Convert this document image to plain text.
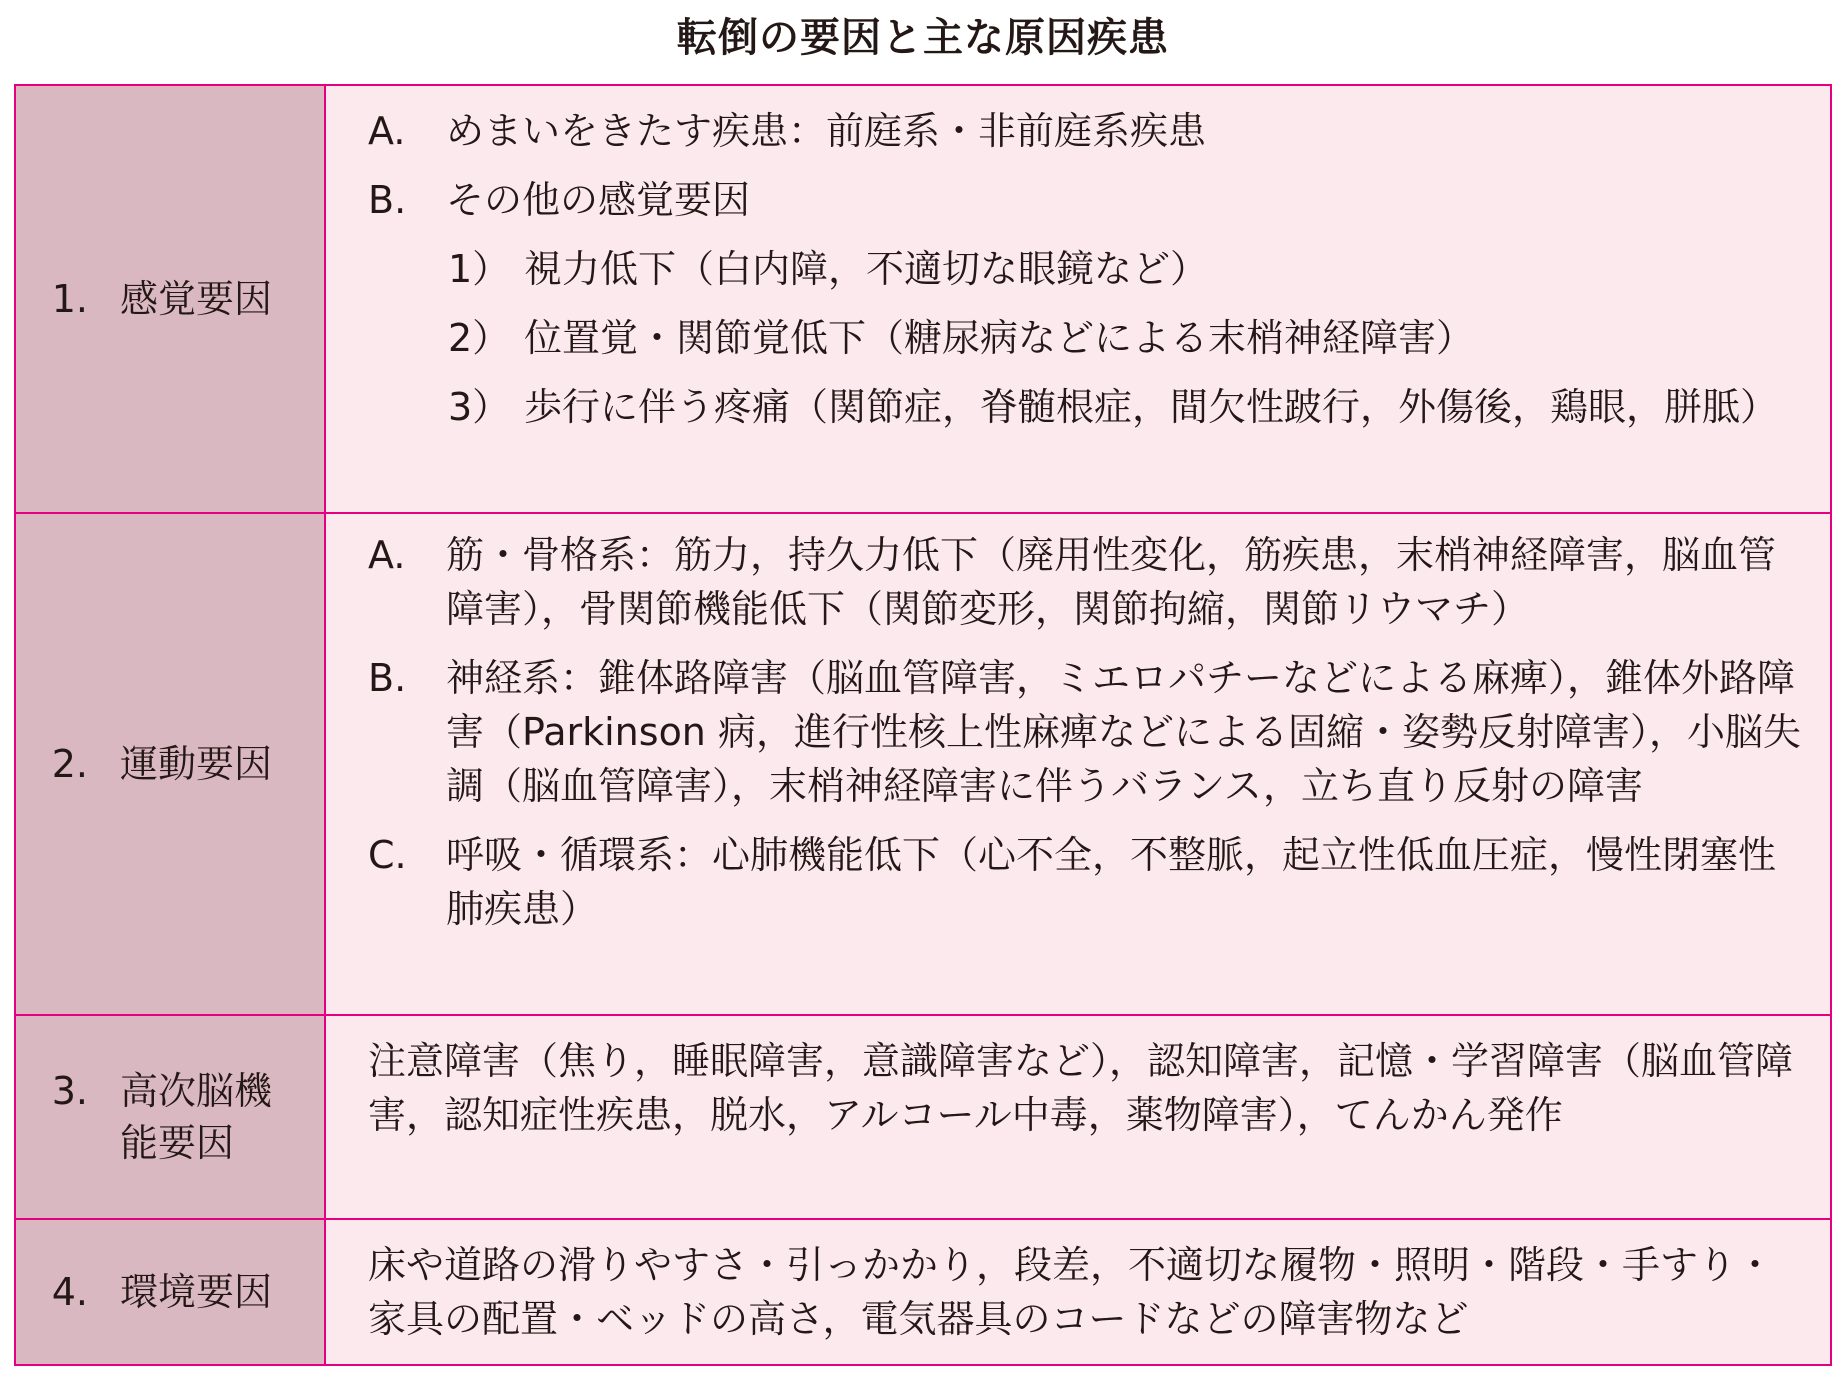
転倒の要因と主な原因疾患
1. 感覚要因
A.	めまいをきたす疾患：前庭系・非前庭系疾患
B.	その他の感覚要因
1） 視力低下（白内障，不適切な眼鏡など）
2） 位置覚・関節覚低下（糖尿病などによる末梢神経障害）
3） 歩行に伴う疼痛（関節症，脊髄根症，間欠性跛行，外傷後，鶏眼，胼胝）
2. 運動要因
A.	筋・骨格系：筋力，持久力低下（廃用性変化，筋疾患，末梢神経障害，脳血管障害），骨関節機能低下（関節変形，関節拘縮，関節リウマチ）
B.	神経系：錐体路障害（脳血管障害，ミエロパチーなどによる麻痺），錐体外路障害（Parkinson 病，進行性核上性麻痺などによる固縮・姿勢反射障害），小脳失調（脳血管障害），末梢神経障害に伴うバランス，立ち直り反射の障害
C.	呼吸・循環系：心肺機能低下（心不全，不整脈，起立性低血圧症，慢性閉塞性肺疾患）
3. 高次脳機能要因
注意障害（焦り，睡眠障害，意識障害など），認知障害，記憶・学習障害（脳血管障害，認知症性疾患，脱水，アルコール中毒，薬物障害），てんかん発作
4. 環境要因
床や道路の滑りやすさ・引っかかり，段差，不適切な履物・照明・階段・手すり・家具の配置・ベッドの高さ，電気器具のコードなどの障害物など
